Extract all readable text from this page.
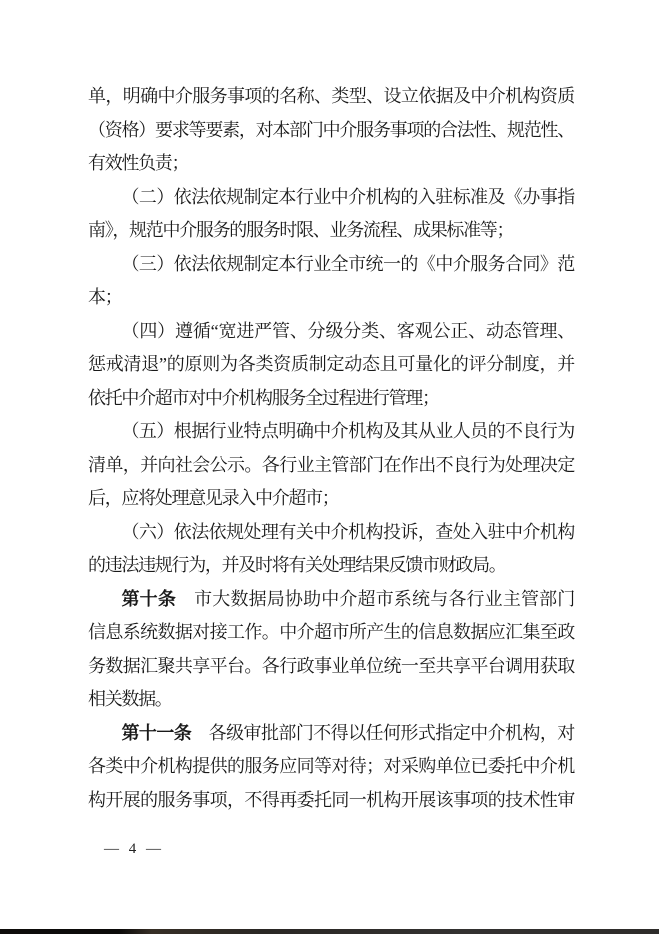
单，明确中介服务事项的名称、类型、设立依据及中介机构资质
（资格）要求等要素，对本部门中介服务事项的合法性、规范性、
有效性负责；
（二）依法依规制定本行业中介机构的入驻标准及《办事指
南》，规范中介服务的服务时限、业务流程、成果标准等；
（三）依法依规制定本行业全市统一的《中介服务合同》范
本；
（四）遵循“宽进严管、分级分类、客观公正、动态管理、
惩戒清退”的原则为各类资质制定动态且可量化的评分制度，并
依托中介超市对中介机构服务全过程进行管理；
（五）根据行业特点明确中介机构及其从业人员的不良行为
清单，并向社会公示。各行业主管部门在作出不良行为处理决定
后，应将处理意见录入中介超市；
（六）依法依规处理有关中介机构投诉，查处入驻中介机构
的违法违规行为，并及时将有关处理结果反馈市财政局。
第十条　市大数据局协助中介超市系统与各行业主管部门
信息系统数据对接工作。中介超市所产生的信息数据应汇集至政
务数据汇聚共享平台。各行政事业单位统一至共享平台调用获取
相关数据。
第十一条　各级审批部门不得以任何形式指定中介机构，对
各类中介机构提供的服务应同等对待；对采购单位已委托中介机
构开展的服务事项，不得再委托同一机构开展该事项的技术性审
— 4 —
